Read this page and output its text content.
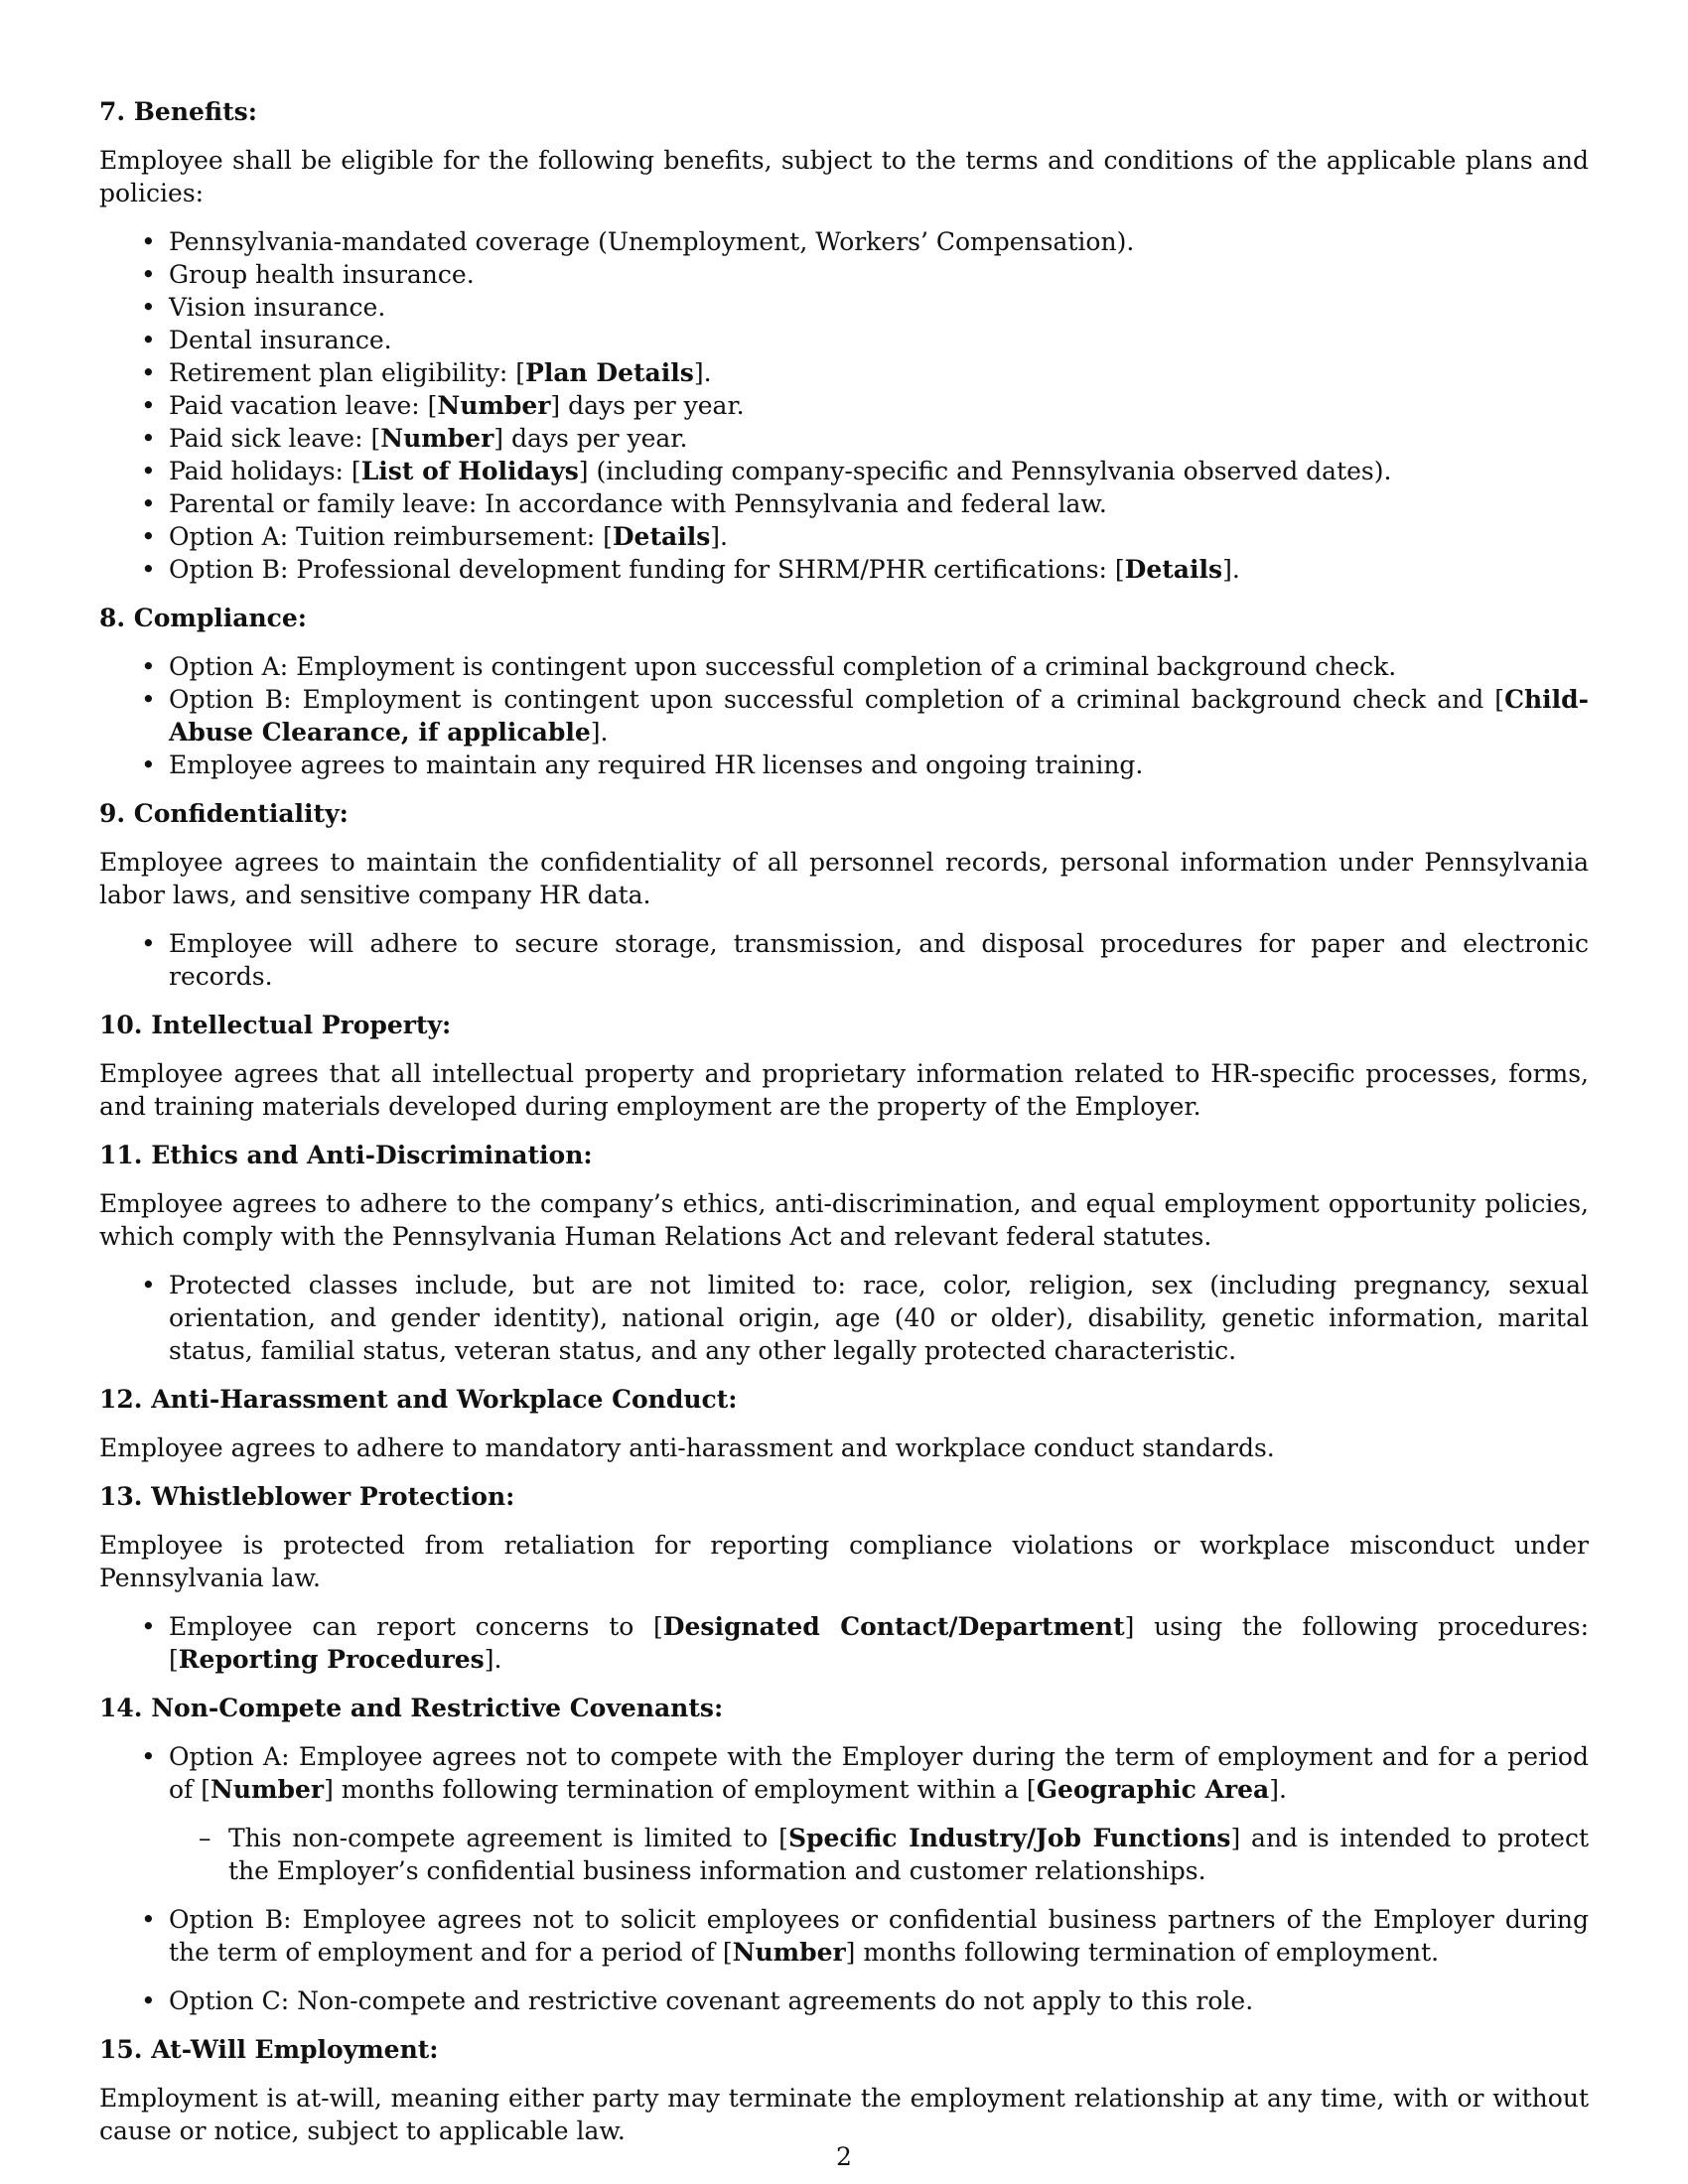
7. Benefits:

Employee shall be eligible for the following benefits, subject to the terms and conditions of the applicable plans and policies:

• Pennsylvania-mandated coverage (Unemployment, Workers’ Compensation).
• Group health insurance.
• Vision insurance.
• Dental insurance.
• Retirement plan eligibility: [Plan Details].
• Paid vacation leave: [Number] days per year.
• Paid sick leave: [Number] days per year.
• Paid holidays: [List of Holidays] (including company-specific and Pennsylvania observed dates).
• Parental or family leave: In accordance with Pennsylvania and federal law.
• Option A: Tuition reimbursement: [Details].
• Option B: Professional development funding for SHRM/PHR certifications: [Details].
8. Compliance:
• Option A: Employment is contingent upon successful completion of a criminal background check.
• Option B: Employment is contingent upon successful completion of a criminal background check and [Child-Abuse Clearance, if applicable].
• Employee agrees to maintain any required HR licenses and ongoing training.
9. Confidentiality:

Employee agrees to maintain the confidentiality of all personnel records, personal information under Pennsylvania labor laws, and sensitive company HR data.

• Employee will adhere to secure storage, transmission, and disposal procedures for paper and electronic records.
10. Intellectual Property:

Employee agrees that all intellectual property and proprietary information related to HR-specific processes, forms, and training materials developed during employment are the property of the Employer.

11. Ethics and Anti-Discrimination:

Employee agrees to adhere to the company’s ethics, anti-discrimination, and equal employment opportunity policies, which comply with the Pennsylvania Human Relations Act and relevant federal statutes.

• Protected classes include, but are not limited to: race, color, religion, sex (including pregnancy, sexual orientation, and gender identity), national origin, age (40 or older), disability, genetic information, marital status, familial status, veteran status, and any other legally protected characteristic.
12. Anti-Harassment and Workplace Conduct:

Employee agrees to adhere to mandatory anti-harassment and workplace conduct standards.

13. Whistleblower Protection:

Employee is protected from retaliation for reporting compliance violations or workplace misconduct under Pennsylvania law.

• Employee can report concerns to [Designated Contact/Department] using the following procedures: [Reporting Procedures].
14. Non-Compete and Restrictive Covenants:
• Option A: Employee agrees not to compete with the Employer during the term of employment and for a period of [Number] months following termination of employment within a [Geographic Area].
– This non-compete agreement is limited to [Specific Industry/Job Functions] and is intended to protect the Employer’s confidential business information and customer relationships.
• Option B: Employee agrees not to solicit employees or confidential business partners of the Employer during the term of employment and for a period of [Number] months following termination of employment.
• Option C: Non-compete and restrictive covenant agreements do not apply to this role.
15. At-Will Employment:

Employment is at-will, meaning either party may terminate the employment relationship at any time, with or without cause or notice, subject to applicable law.

2
